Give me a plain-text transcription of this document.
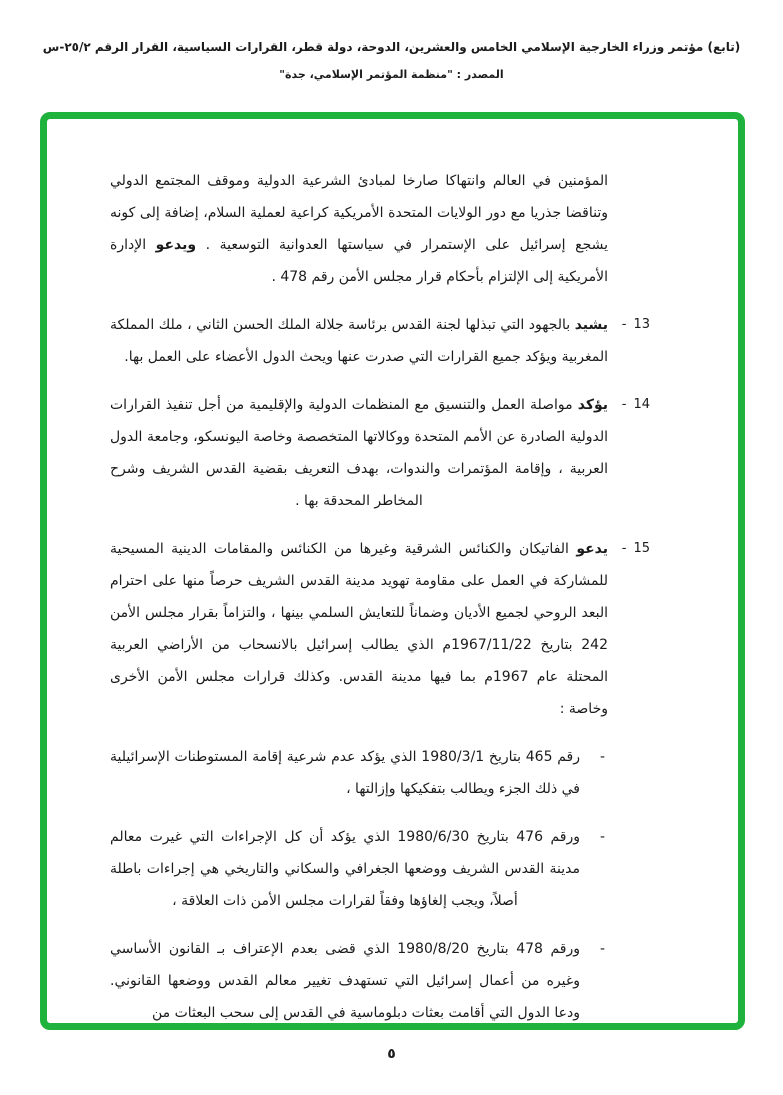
(تابع) مؤتمر وزراء الخارجية الإسلامي الخامس والعشرين، الدوحة، دولة قطر، القرارات السياسية، القرار الرقم ٢٥/٢-س
المصدر : "منظمة المؤتمر الإسلامي، جدة"

المؤمنين في العالم وانتهاكا صارخا لمبادئ الشرعية الدولية وموقف المجتمع الدولي وتناقضا جذريا مع دور الولايات المتحدة الأمريكية كراعية لعملية السلام، إضافة إلى كونه يشجع إسرائيل على الإستمرار في سياستها العدوانية التوسعية . ويدعو الإدارة الأمريكية إلى الإلتزام بأحكام قرار مجلس الأمن رقم 478 .

13
-
يشيد بالجهود التي تبذلها لجنة القدس برئاسة جلالة الملك الحسن الثاني ، ملك المملكة المغربية ويؤكد جميع القرارات التي صدرت عنها ويحث الدول الأعضاء على العمل بها.
14
-
يؤكد مواصلة العمل والتنسيق مع المنظمات الدولية والإقليمية من أجل تنفيذ القرارات الدولية الصادرة عن الأمم المتحدة ووكالاتها المتخصصة وخاصة اليونسكو، وجامعة الدول العربية ، وإقامة المؤتمرات والندوات، بهدف التعريف بقضية القدس الشريف وشرح المخاطر المحدقة بها .
15
-
يدعو الفاتيكان والكنائس الشرقية وغيرها من الكنائس والمقامات الدينية المسيحية للمشاركة في العمل على مقاومة تهويد مدينة القدس الشريف حرصاً منها على احترام البعد الروحي لجميع الأديان وضماناً للتعايش السلمي بينها ، والتزاماً بقرار مجلس الأمن 242 بتاريخ 1967/11/22م الذي يطالب إسرائيل بالانسحاب من الأراضي العربية المحتلة عام 1967م بما فيها مدينة القدس. وكذلك قرارات مجلس الأمن الأخرى وخاصة :
-
رقم 465 بتاريخ 1980/3/1 الذي يؤكد عدم شرعية إقامة المستوطنات الإسرائيلية في ذلك الجزء ويطالب بتفكيكها وإزالتها ،
-
ورقم 476 بتاريخ 1980/6/30 الذي يؤكد أن كل الإجراءات التي غيرت معالم مدينة القدس الشريف ووضعها الجغرافي والسكاني والتاريخي هي إجراءات باطلة أصلاً، ويجب إلغاؤها وفقاً لقرارات مجلس الأمن ذات العلاقة ،
-
ورقم 478 بتاريخ 1980/8/20 الذي قضى بعدم الإعتراف بـ القانون الأساسي وغيره من أعمال إسرائيل التي تستهدف تغيير معالم القدس ووضعها القانوني. ودعا الدول التي أقامت بعثات دبلوماسية في القدس إلى سحب البعثات من
٥
